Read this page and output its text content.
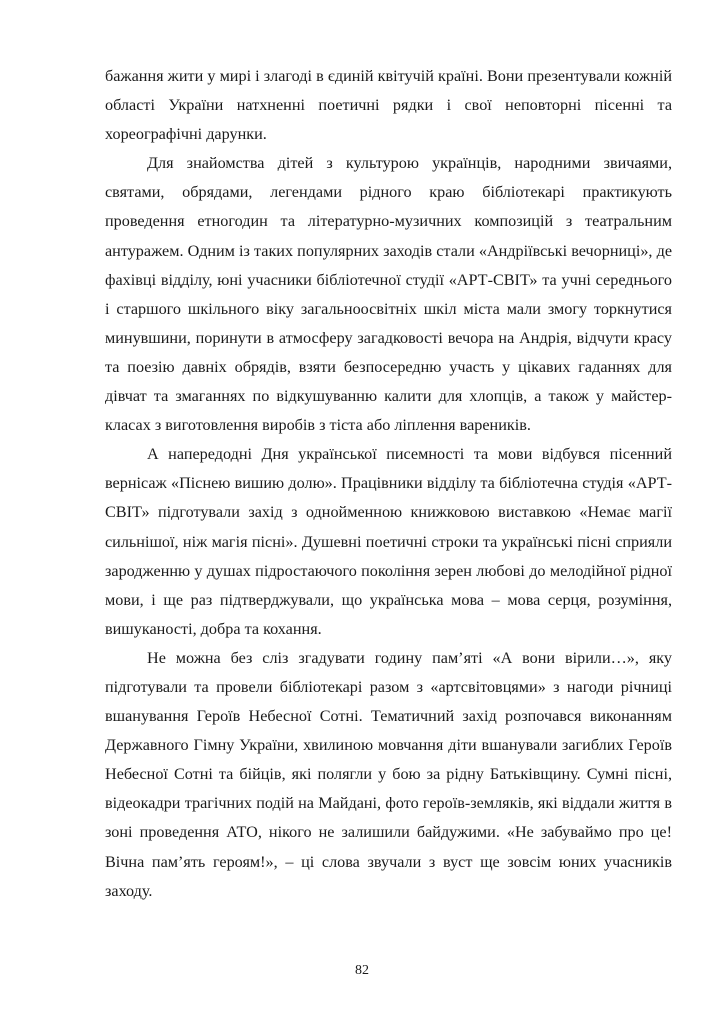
бажання жити у мирі і злагоді в єдиній квітучій країні. Вони презентували кожній області України натхненні поетичні рядки і свої неповторні пісенні та хореографічні дарунки.

Для знайомства дітей з культурою українців, народними звичаями, святами, обрядами, легендами рідного краю бібліотекарі практикують проведення етногодин та літературно-музичних композицій з театральним антуражем. Одним із таких популярних заходів стали «Андріївські вечорниці», де фахівці відділу, юні учасники бібліотечної студії «АРТ-СВІТ» та учні середнього і старшого шкільного віку загальноосвітніх шкіл міста мали змогу торкнутися минувшини, поринути в атмосферу загадковості вечора на Андрія, відчути красу та поезію давніх обрядів, взяти безпосередню участь у цікавих гаданнях для дівчат та змаганнях по відкушуванню калити для хлопців, а також у майстер-класах з виготовлення виробів з тіста або ліплення вареників.

А напередодні Дня української писемності та мови відбувся пісенний вернісаж «Піснею вишию долю». Працівники відділу та бібліотечна студія «АРТ-СВІТ» підготували захід з однойменною книжковою виставкою «Немає магії сильнішої, ніж магія пісні». Душевні поетичні строки та українські пісні сприяли зародженню у душах підростаючого покоління зерен любові до мелодійної рідної мови, і ще раз підтверджували, що українська мова – мова серця, розуміння, вишуканості, добра та кохання.

Не можна без сліз згадувати годину пам’яті «А вони вірили…», яку підготували та провели бібліотекарі разом з «артсвітовцями» з нагоди річниці вшанування Героїв Небесної Сотні. Тематичний захід розпочався виконанням Державного Гімну України, хвилиною мовчання діти вшанували загиблих Героїв Небесної Сотні та бійців, які полягли у бою за рідну Батьківщину. Сумні пісні, відеокадри трагічних подій на Майдані, фото героїв-земляків, які віддали життя в зоні проведення АТО, нікого не залишили байдужими. «Не забуваймо про це! Вічна пам’ять героям!», – ці слова звучали з вуст ще зовсім юних учасників заходу.

82
